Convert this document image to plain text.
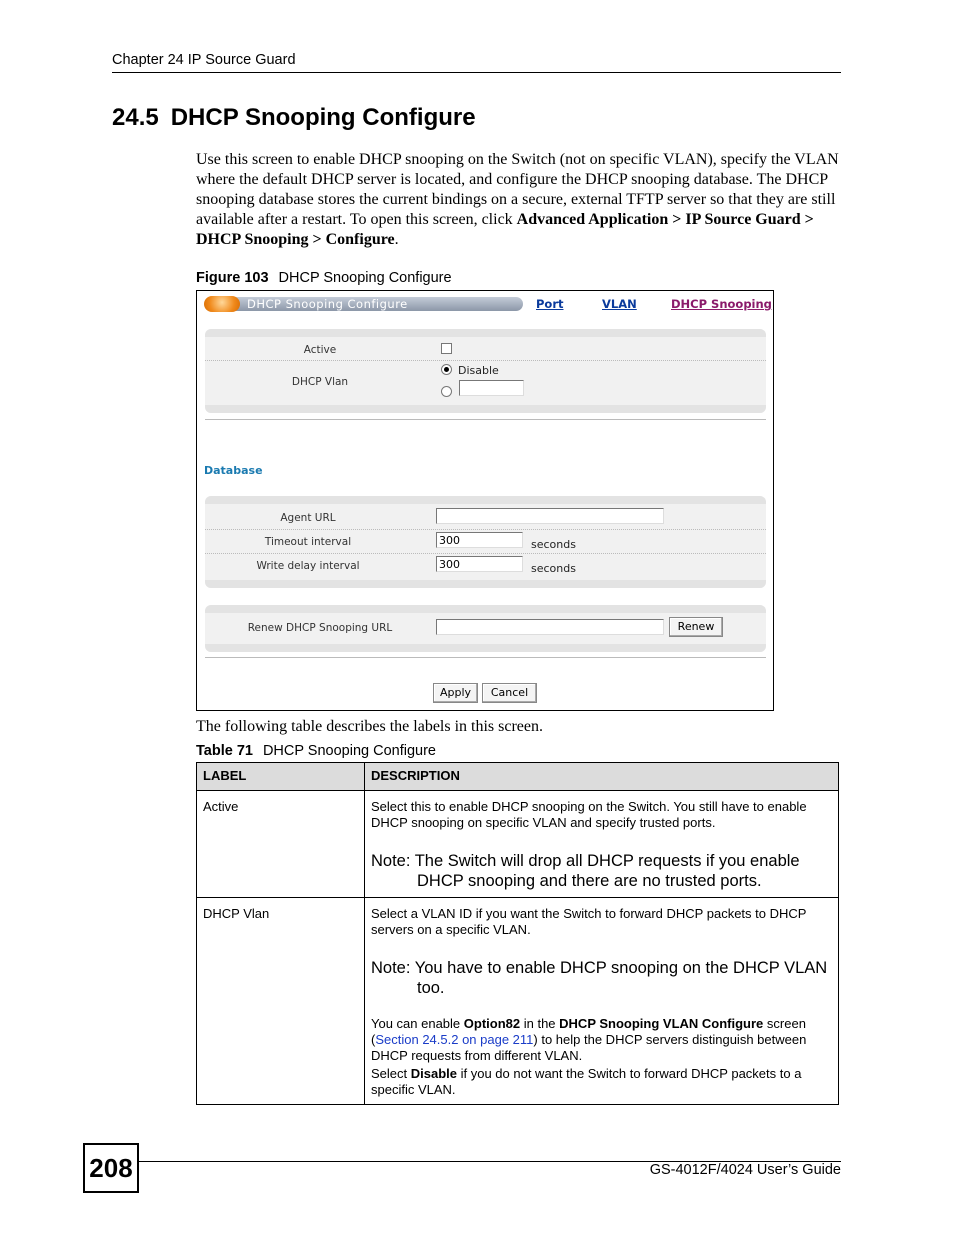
Chapter 24 IP Source Guard
24.5 DHCP Snooping Configure
Use this screen to enable DHCP snooping on the Switch (not on specific VLAN), specify the VLAN where the default DHCP server is located, and configure the DHCP snooping database. The DHCP snooping database stores the current bindings on a secure, external TFTP server so that they are still available after a restart. To open this screen, click Advanced Application > IP Source Guard > DHCP Snooping > Configure.
Figure 103 DHCP Snooping Configure
DHCP Snooping Configure	Port	VLAN	DHCP Snooping
Active
DHCP Vlan
Disable
Database
Agent URL
Timeout interval	300	seconds
Write delay interval	300	seconds
Renew DHCP Snooping URL	Renew
Apply	Cancel
The following table describes the labels in this screen.
Table 71 DHCP Snooping Configure
LABEL	DESCRIPTION
Active	Select this to enable DHCP snooping on the Switch. You still have to enable DHCP snooping on specific VLAN and specify trusted ports.

Note: The Switch will drop all DHCP requests if you enable DHCP snooping and there are no trusted ports.

DHCP Vlan	Select a VLAN ID if you want the Switch to forward DHCP packets to DHCP servers on a specific VLAN.

Note: You have to enable DHCP snooping on the DHCP VLAN too.

You can enable Option82 in the DHCP Snooping VLAN Configure screen (Section 24.5.2 on page 211) to help the DHCP servers distinguish between DHCP requests from different VLAN.

Select Disable if you do not want the Switch to forward DHCP packets to a specific VLAN.

208	GS-4012F/4024 User’s Guide
